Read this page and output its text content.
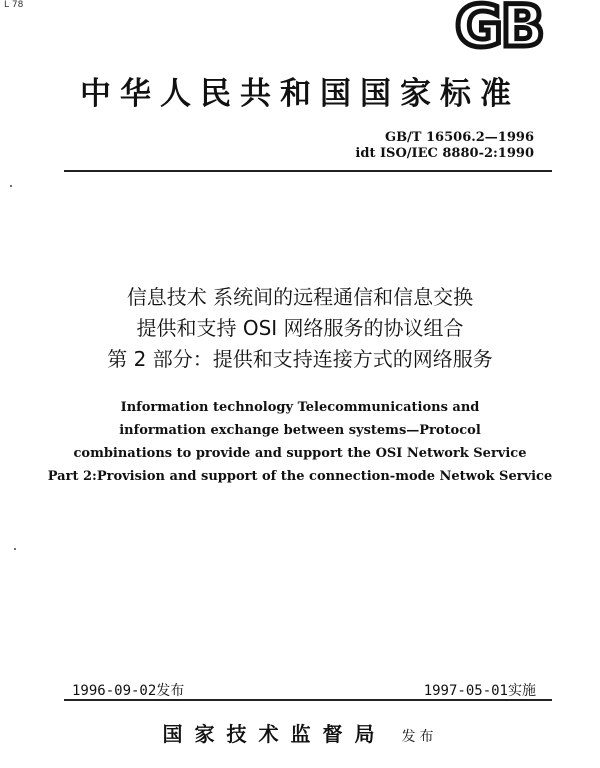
L 78	GB
中华人民共和国国家标准
GB/T 16506.2—1996
idt ISO/IEC 8880-2:1990
信息技术 系统间的远程通信和信息交换
提供和支持 OSI 网络服务的协议组合
第 2 部分：提供和支持连接方式的网络服务
Information technology Telecommunications and
information exchange between systems—Protocol
combinations to provide and support the OSI Network Service
Part 2:Provision and support of the connection-mode Netwok Service
1996-09-02发布	1997-05-01实施
国家技术监督局 发布
